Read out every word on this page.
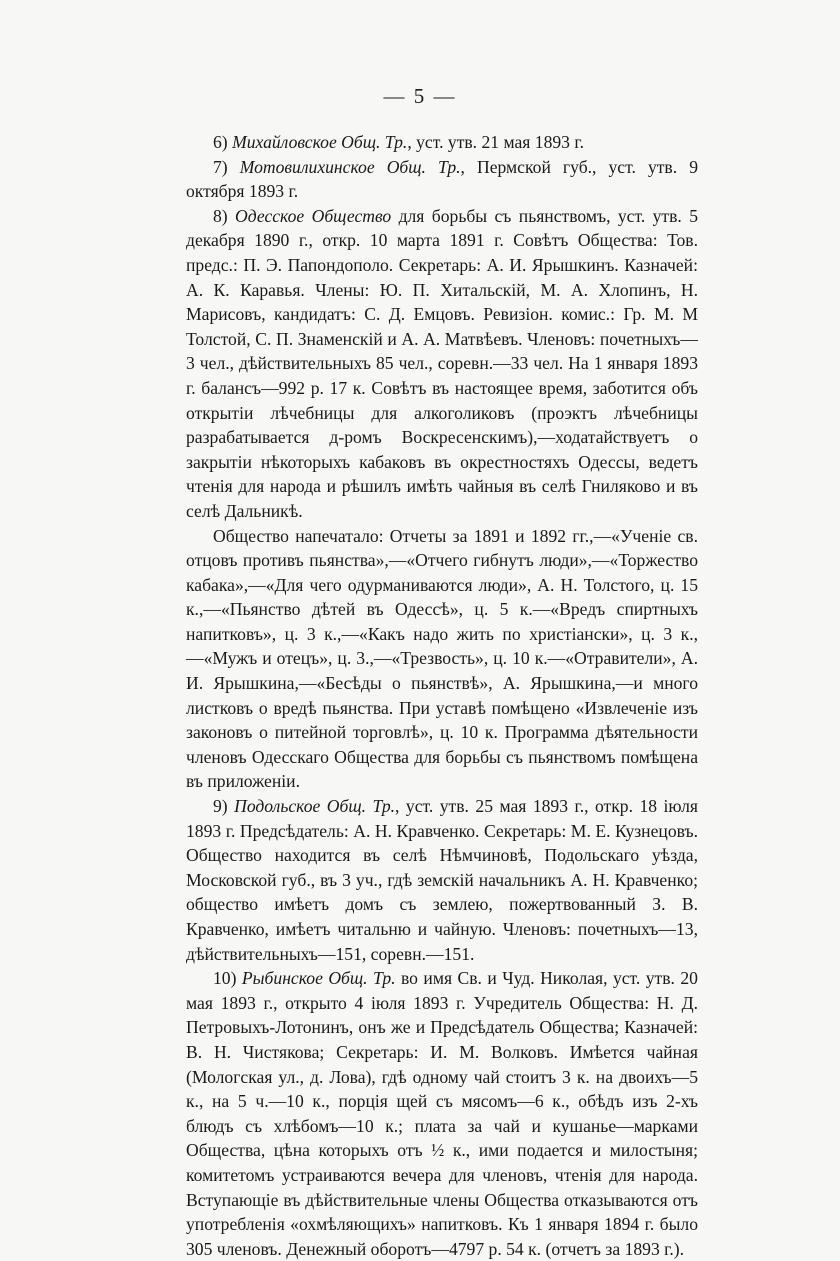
— 5 —

6) Михайловское Общ. Тр., уст. утв. 21 мая 1893 г.

7) Мотовилихинское Общ. Тр., Пермской губ., уст. утв. 9 октября 1893 г.

8) Одесское Общество для борьбы съ пьянствомъ, уст. утв. 5 декабря 1890 г., откр. 10 марта 1891 г. Совѣтъ Общества: Тов. предс.: П. Э. Папондополо. Секретарь: А. И. Ярышкинъ. Казначей: А. К. Каравья. Члены: Ю. П. Хитальскій, М. А. Хлопинъ, Н. Марисовъ, кандидатъ: С. Д. Емцовъ. Ревизіон. комис.: Гр. М. М Толстой, С. П. Знаменскій и А. А. Матвѣевъ. Членовъ: почетныхъ—3 чел., дѣйствительныхъ 85 чел., соревн.—33 чел. На 1 января 1893 г. балансъ—992 р. 17 к. Совѣтъ въ настоящее время, заботится объ открытіи лѣчебницы для алкоголиковъ (проэктъ лѣчебницы разрабатывается д-ромъ Воскресенскимъ),—ходатайствуетъ о закрытіи нѣкоторыхъ кабаковъ въ окрестностяхъ Одессы, ведетъ чтенія для народа и рѣшилъ имѣть чайныя въ селѣ Гниляково и въ селѣ Дальникѣ.

Общество напечатало: Отчеты за 1891 и 1892 гг.,—«Ученіе св. отцовъ противъ пьянства»,—«Отчего гибнутъ люди»,—«Торжество кабака»,—«Для чего одурманиваются люди», А. Н. Толстого, ц. 15 к.,—«Пьянство дѣтей въ Одессѣ», ц. 5 к.—«Вредъ спиртныхъ напитковъ», ц. 3 к.,—«Какъ надо жить по христіански», ц. 3 к.,—«Мужъ и отецъ», ц. 3.,—«Трезвость», ц. 10 к.—«Отравители», А. И. Ярышкина,—«Бесѣды о пьянствѣ», А. Ярышкина,—и много листковъ о вредѣ пьянства. При уставѣ помѣщено «Извлеченіе изъ законовъ о питейной торговлѣ», ц. 10 к. Программа дѣятельности членовъ Одесскаго Общества для борьбы съ пьянствомъ помѣщена въ приложеніи.

9) Подольское Общ. Тр., уст. утв. 25 мая 1893 г., откр. 18 іюля 1893 г. Предсѣдатель: А. Н. Кравченко. Секретарь: М. Е. Кузнецовъ. Общество находится въ селѣ Нѣмчиновѣ, Подольскаго уѣзда, Московской губ., въ 3 уч., гдѣ земскій начальникъ А. Н. Кравченко; общество имѣетъ домъ съ землею, пожертвованный З. В. Кравченко, имѣетъ читальню и чайную. Членовъ: почетныхъ—13, дѣйствительныхъ—151, соревн.—151.

10) Рыбинское Общ. Тр. во имя Св. и Чуд. Николая, уст. утв. 20 мая 1893 г., открыто 4 іюля 1893 г. Учредитель Общества: Н. Д. Петровыхъ-Лотонинъ, онъ же и Предсѣдатель Общества; Казначей: В. Н. Чистякова; Секретарь: И. М. Волковъ. Имѣется чайная (Мологская ул., д. Лова), гдѣ одному чай стоитъ 3 к. на двоихъ—5 к., на 5 ч.—10 к., порція щей съ мясомъ—6 к., обѣдъ изъ 2-хъ блюдъ съ хлѣбомъ—10 к.; плата за чай и кушанье—марками Общества, цѣна которыхъ отъ ½ к., ими подается и милостыня; комитетомъ устраиваются вечера для членовъ, чтенія для народа. Вступающіе въ дѣйствительные члены Общества отказываются отъ употребленія «охмѣляющихъ» напитковъ. Къ 1 января 1894 г. было 305 членовъ. Денежный оборотъ—4797 р. 54 к. (отчетъ за 1893 г.).
